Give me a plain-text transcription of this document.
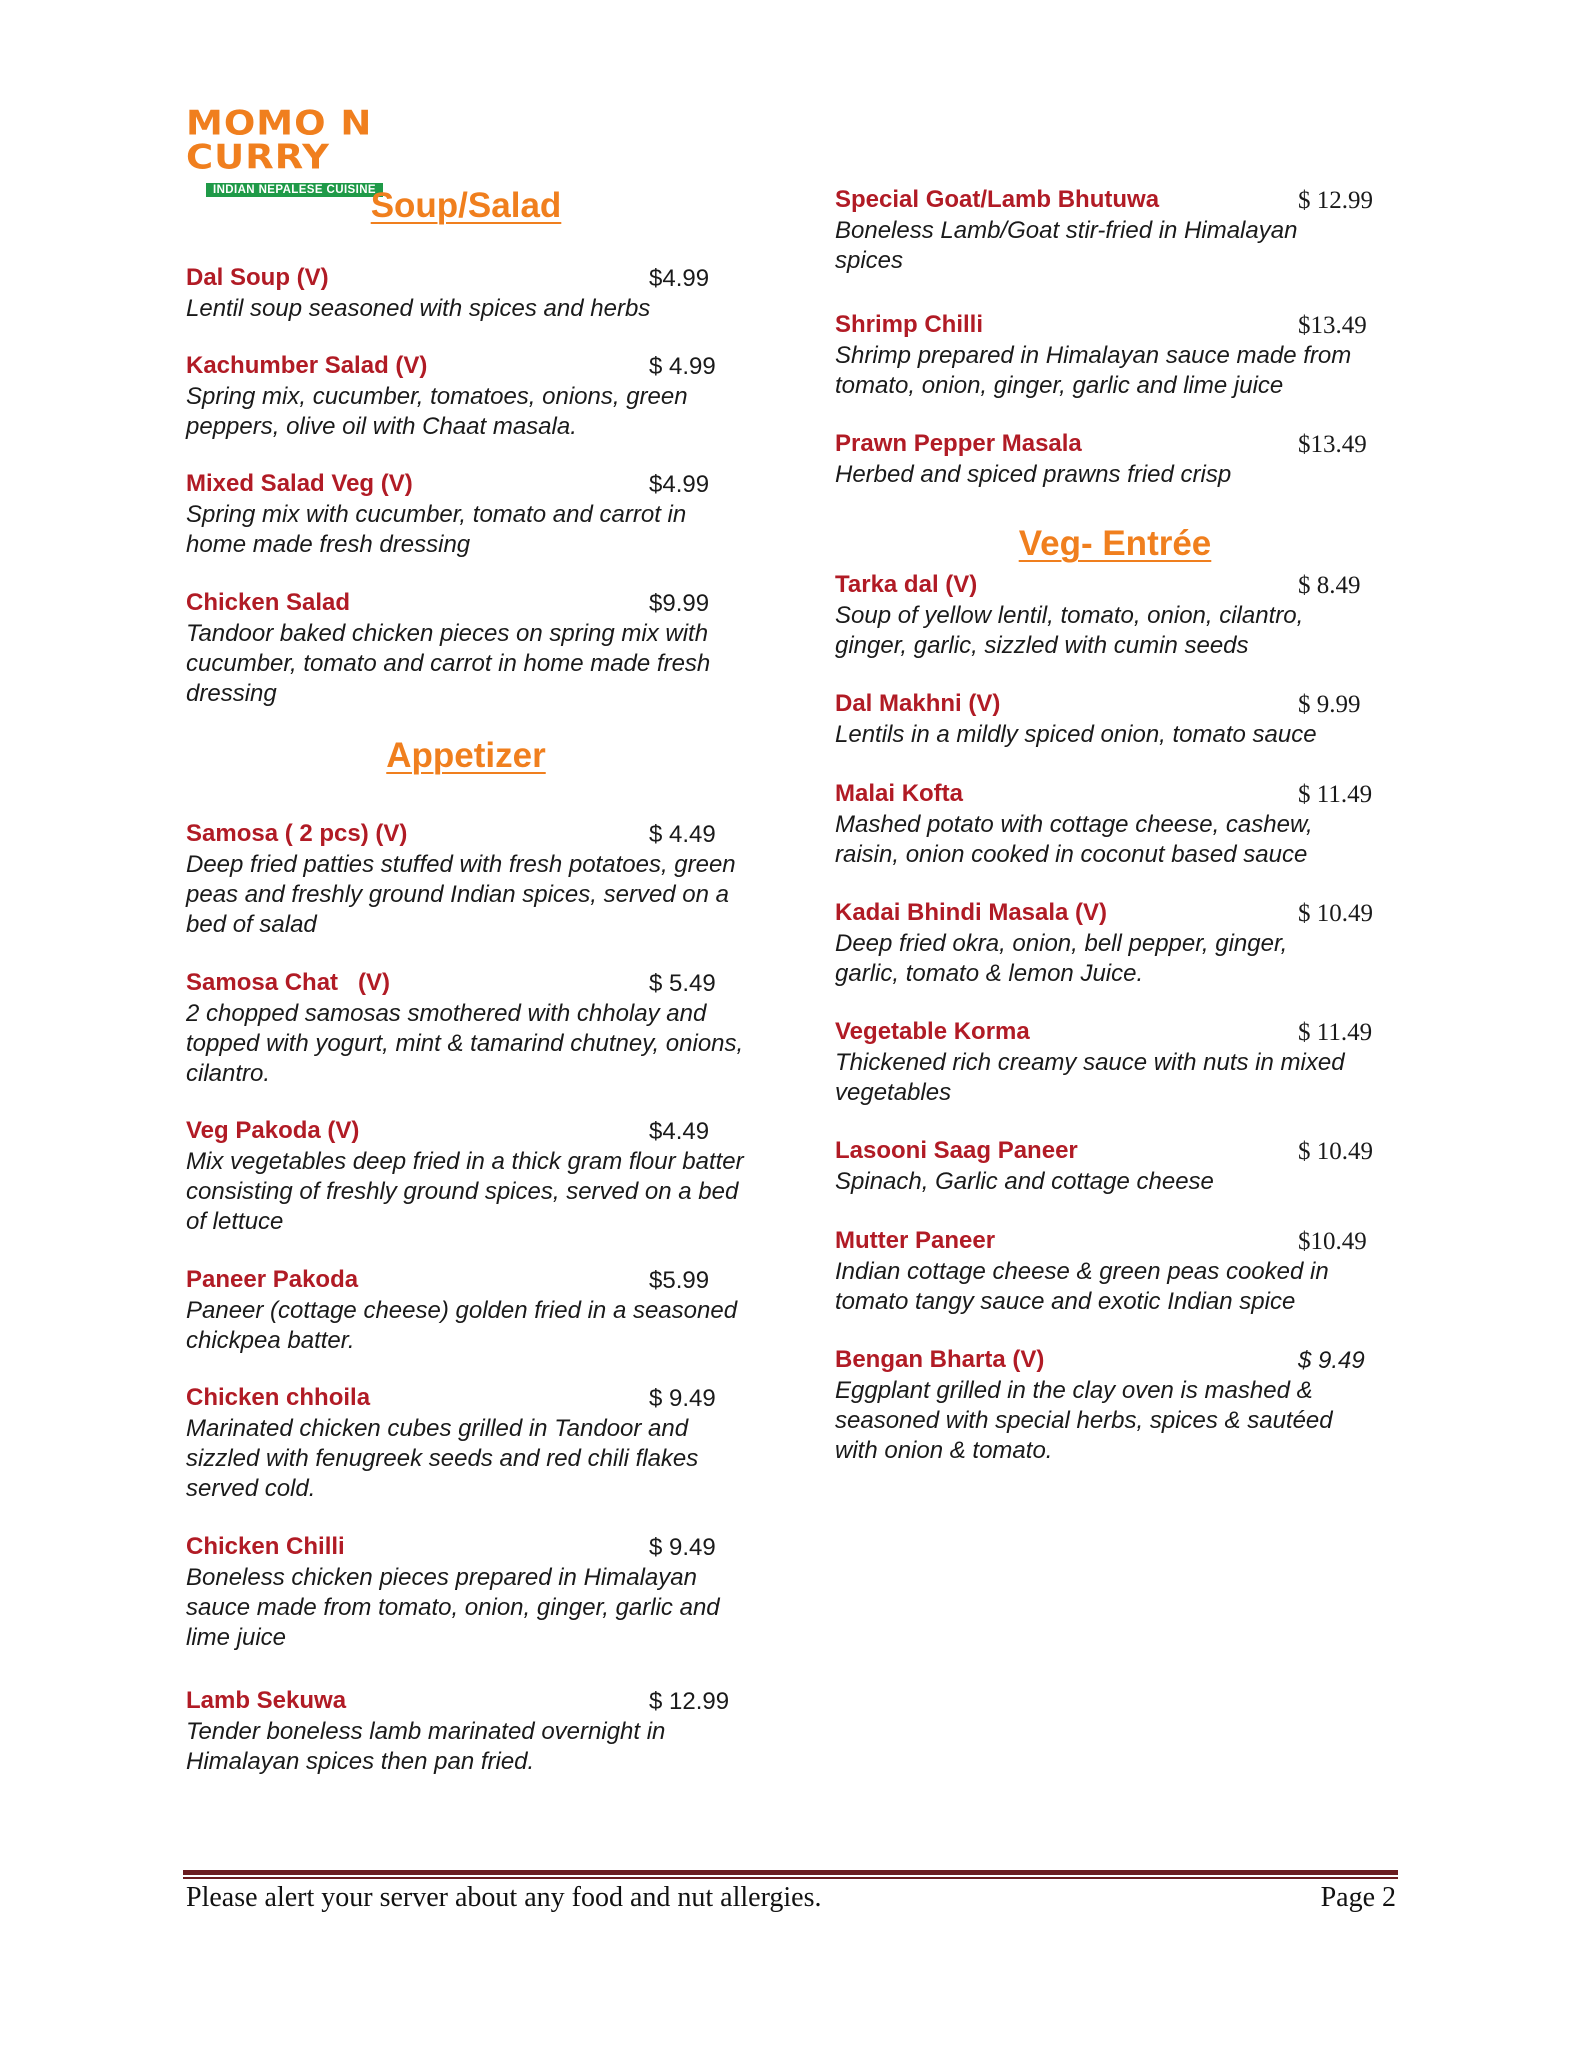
MOMO N CURRY
INDIAN NEPALESE CUISINE
Soup/Salad
Dal Soup (V)	$4.99

Lentil soup seasoned with spices and herbs

Kachumber Salad (V)	$ 4.99

Spring mix, cucumber, tomatoes, onions, green peppers, olive oil with Chaat masala.

Mixed Salad Veg (V)	$4.99

Spring mix with cucumber, tomato and carrot in home made fresh dressing

Chicken Salad	$9.99

Tandoor baked chicken pieces on spring mix with cucumber, tomato and carrot in home made fresh dressing

Appetizer
Samosa ( 2 pcs) (V)	$ 4.49

Deep fried patties stuffed with fresh potatoes, green peas and freshly ground Indian spices, served on a bed of salad

Samosa Chat   (V)	$ 5.49

2 chopped samosas smothered with chholay and topped with yogurt, mint & tamarind chutney, onions, cilantro.

Veg Pakoda (V)	$4.49

Mix vegetables deep fried in a thick gram flour batter consisting of freshly ground spices, served on a bed of lettuce

Paneer Pakoda	$5.99

Paneer (cottage cheese) golden fried in a seasoned chickpea batter.

Chicken chhoila	$ 9.49

Marinated chicken cubes grilled in Tandoor and sizzled with fenugreek seeds and red chili flakes served cold.

Chicken Chilli	$ 9.49

Boneless chicken pieces prepared in Himalayan sauce made from tomato, onion, ginger, garlic and lime juice

Lamb Sekuwa	$ 12.99

Tender boneless lamb marinated overnight in Himalayan spices then pan fried.

Special Goat/Lamb Bhutuwa	$ 12.99

Boneless Lamb/Goat stir-fried in Himalayan spices

Shrimp Chilli	$13.49

Shrimp prepared in Himalayan sauce made from tomato, onion, ginger, garlic and lime juice

Prawn Pepper Masala	$13.49

Herbed and spiced prawns fried crisp

Veg- Entrée
Tarka dal (V)	$ 8.49

Soup of yellow lentil, tomato, onion, cilantro, ginger, garlic, sizzled with cumin seeds

Dal Makhni (V)	$ 9.99

Lentils in a mildly spiced onion, tomato sauce

Malai Kofta	$ 11.49

Mashed potato with cottage cheese, cashew, raisin, onion cooked in coconut based sauce

Kadai Bhindi Masala (V)	$ 10.49

Deep fried okra, onion, bell pepper, ginger, garlic, tomato & lemon Juice.

Vegetable Korma	$ 11.49

Thickened rich creamy sauce with nuts in mixed vegetables

Lasooni Saag Paneer	$ 10.49

Spinach, Garlic and cottage cheese

Mutter Paneer	$10.49

Indian cottage cheese & green peas cooked in tomato tangy sauce and exotic Indian spice

Bengan Bharta (V)	$ 9.49

Eggplant grilled in the clay oven is mashed & seasoned with special herbs, spices & sautéed with onion & tomato.

Please alert your server about any food and nut allergies.	Page 2
